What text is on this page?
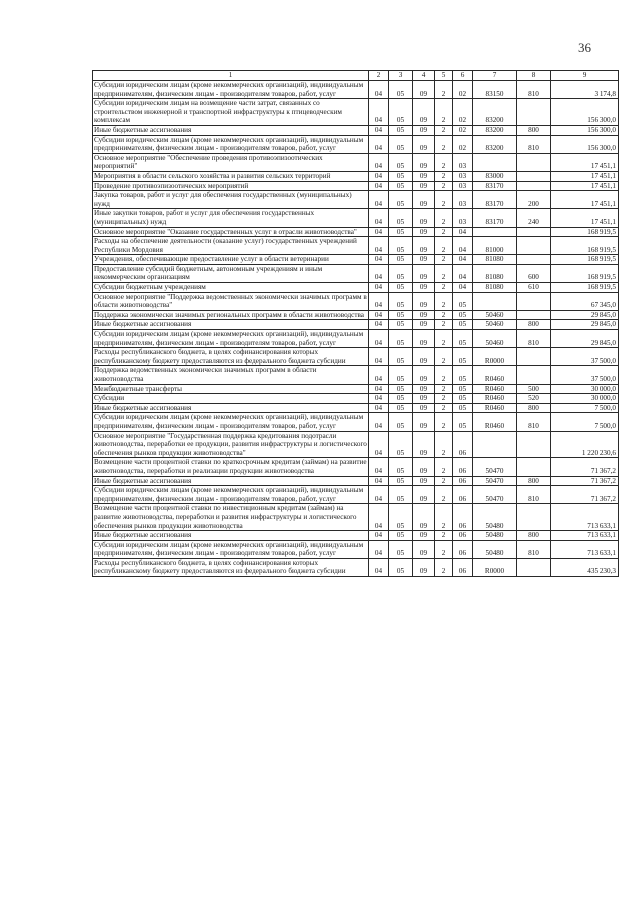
36
1	2	3	4	5	6	7	8	9
Субсидии юридическим лицам (кроме некоммерческих организаций), индивидуальным предпринимателям, физическим лицам - производителям товаров, работ, услуг	04	05	09	2	02	83150	810	3 174,8
Субсидии юридическим лицам на возмещение части затрат, связанных со строительством инженерной и транспортной инфраструктуры к птицеводческим комплексам	04	05	09	2	02	83200		156 300,0
Иные бюджетные ассигнования	04	05	09	2	02	83200	800	156 300,0
Субсидии юридическим лицам (кроме некоммерческих организаций), индивидуальным предпринимателям, физическим лицам - производителям товаров, работ, услуг	04	05	09	2	02	83200	810	156 300,0
Основное мероприятие "Обеспечение проведения противоэпизоотических мероприятий"	04	05	09	2	03			17 451,1
Мероприятия в области сельского хозяйства и развития сельских территорий	04	05	09	2	03	83000		17 451,1
Проведение противоэпизоотических мероприятий	04	05	09	2	03	83170		17 451,1
Закупка товаров, работ и услуг для обеспечения государственных (муниципальных) нужд	04	05	09	2	03	83170	200	17 451,1
Иные закупки товаров, работ и услуг для обеспечения государственных (муниципальных) нужд	04	05	09	2	03	83170	240	17 451,1
Основное мероприятие "Оказание государственных услуг в отрасли животноводства"	04	05	09	2	04			168 919,5
Расходы на обеспечение деятельности (оказание услуг) государственных учреждений Республики Мордовия	04	05	09	2	04	81000		168 919,5
Учреждения, обеспечивающие предоставление услуг в области ветеринарии	04	05	09	2	04	81080		168 919,5
Предоставление субсидий бюджетным, автономным учреждениям и иным некоммерческим организациям	04	05	09	2	04	81080	600	168 919,5
Субсидии бюджетным учреждениям	04	05	09	2	04	81080	610	168 919,5
Основное мероприятие "Поддержка ведомственных экономически значимых программ в области животноводства"	04	05	09	2	05			67 345,0
Поддержка экономически значимых региональных программ в области животноводства	04	05	09	2	05	50460		29 845,0
Иные бюджетные ассигнования	04	05	09	2	05	50460	800	29 845,0
Субсидии юридическим лицам (кроме некоммерческих организаций), индивидуальным предпринимателям, физическим лицам - производителям товаров, работ, услуг	04	05	09	2	05	50460	810	29 845,0
Расходы республиканского бюджета, в целях софинансирования которых республиканскому бюджету предоставляются из федерального бюджета субсидии	04	05	09	2	05	R0000		37 500,0
Поддержка ведомственных экономически значимых программ в области животноводства	04	05	09	2	05	R0460		37 500,0
Межбюджетные трансферты	04	05	09	2	05	R0460	500	30 000,0
Субсидии	04	05	09	2	05	R0460	520	30 000,0
Иные бюджетные ассигнования	04	05	09	2	05	R0460	800	7 500,0
Субсидии юридическим лицам (кроме некоммерческих организаций), индивидуальным предпринимателям, физическим лицам - производителям товаров, работ, услуг	04	05	09	2	05	R0460	810	7 500,0
Основное мероприятие "Государственная поддержка кредитования подотрасли животноводства, переработки ее продукции, развития инфраструктуры и логистического обеспечения рынков продукции животноводства"	04	05	09	2	06			1 220 230,6
Возмещение части процентной ставки по краткосрочным кредитам (займам) на развитие животноводства, переработки и реализации продукции животноводства	04	05	09	2	06	50470		71 367,2
Иные бюджетные ассигнования	04	05	09	2	06	50470	800	71 367,2
Субсидии юридическим лицам (кроме некоммерческих организаций), индивидуальным предпринимателям, физическим лицам - производителям товаров, работ, услуг	04	05	09	2	06	50470	810	71 367,2
Возмещение части процентной ставки по инвестиционным кредитам (займам) на развитие животноводства, переработки и развития инфраструктуры и логистического обеспечения рынков продукции животноводства	04	05	09	2	06	50480		713 633,1
Иные бюджетные ассигнования	04	05	09	2	06	50480	800	713 633,1
Субсидии юридическим лицам (кроме некоммерческих организаций), индивидуальным предпринимателям, физическим лицам - производителям товаров, работ, услуг	04	05	09	2	06	50480	810	713 633,1
Расходы республиканского бюджета, в целях софинансирования которых республиканскому бюджету предоставляются из федерального бюджета субсидии	04	05	09	2	06	R0000		435 230,3
